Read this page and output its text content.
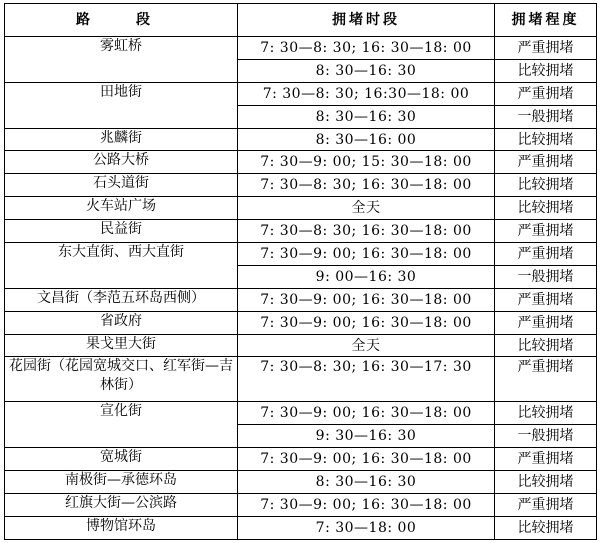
路　段	拥堵时段	拥堵程度
雾虹桥	7: 30—8: 30; 16: 30—18: 00	严重拥堵
	8: 30—16: 30	比较拥堵
田地街	7: 30—8: 30; 16:30—18: 00	严重拥堵
	8: 30—16: 30	一般拥堵
兆麟街	8: 30—16: 00	比较拥堵
公路大桥	7: 30—9: 00; 15: 30—18: 00	严重拥堵
石头道街	7: 30—8: 30; 16: 30—18: 00	比较拥堵
火车站广场	全天	比较拥堵
民益街	7: 30—8: 30; 16: 30—18: 00	严重拥堵
东大直街、西大直街	7: 30—9: 00; 16: 30—18: 00	严重拥堵
	9: 00—16: 30	一般拥堵
文昌街（李范五环岛西侧）	7: 30—9: 00; 16: 30—18: 00	严重拥堵
省政府	7: 30—9: 00; 16: 30—18: 00	严重拥堵
果戈里大街	全天	比较拥堵
花园街（花园宽城交口、红军街—吉林街）	7: 30—8: 30; 16: 30—17: 30	严重拥堵
宣化街	7: 30—9: 00; 16: 30—18: 00	比较拥堵
	9: 30—16: 30	一般拥堵
宽城街	7: 30—9: 00; 16: 30—18: 00	严重拥堵
南极街—承德环岛	8: 30—16: 30	比较拥堵
红旗大街—公滨路	7: 30—9: 00; 16: 30—18: 00	严重拥堵
博物馆环岛	7: 30—18: 00	比较拥堵
